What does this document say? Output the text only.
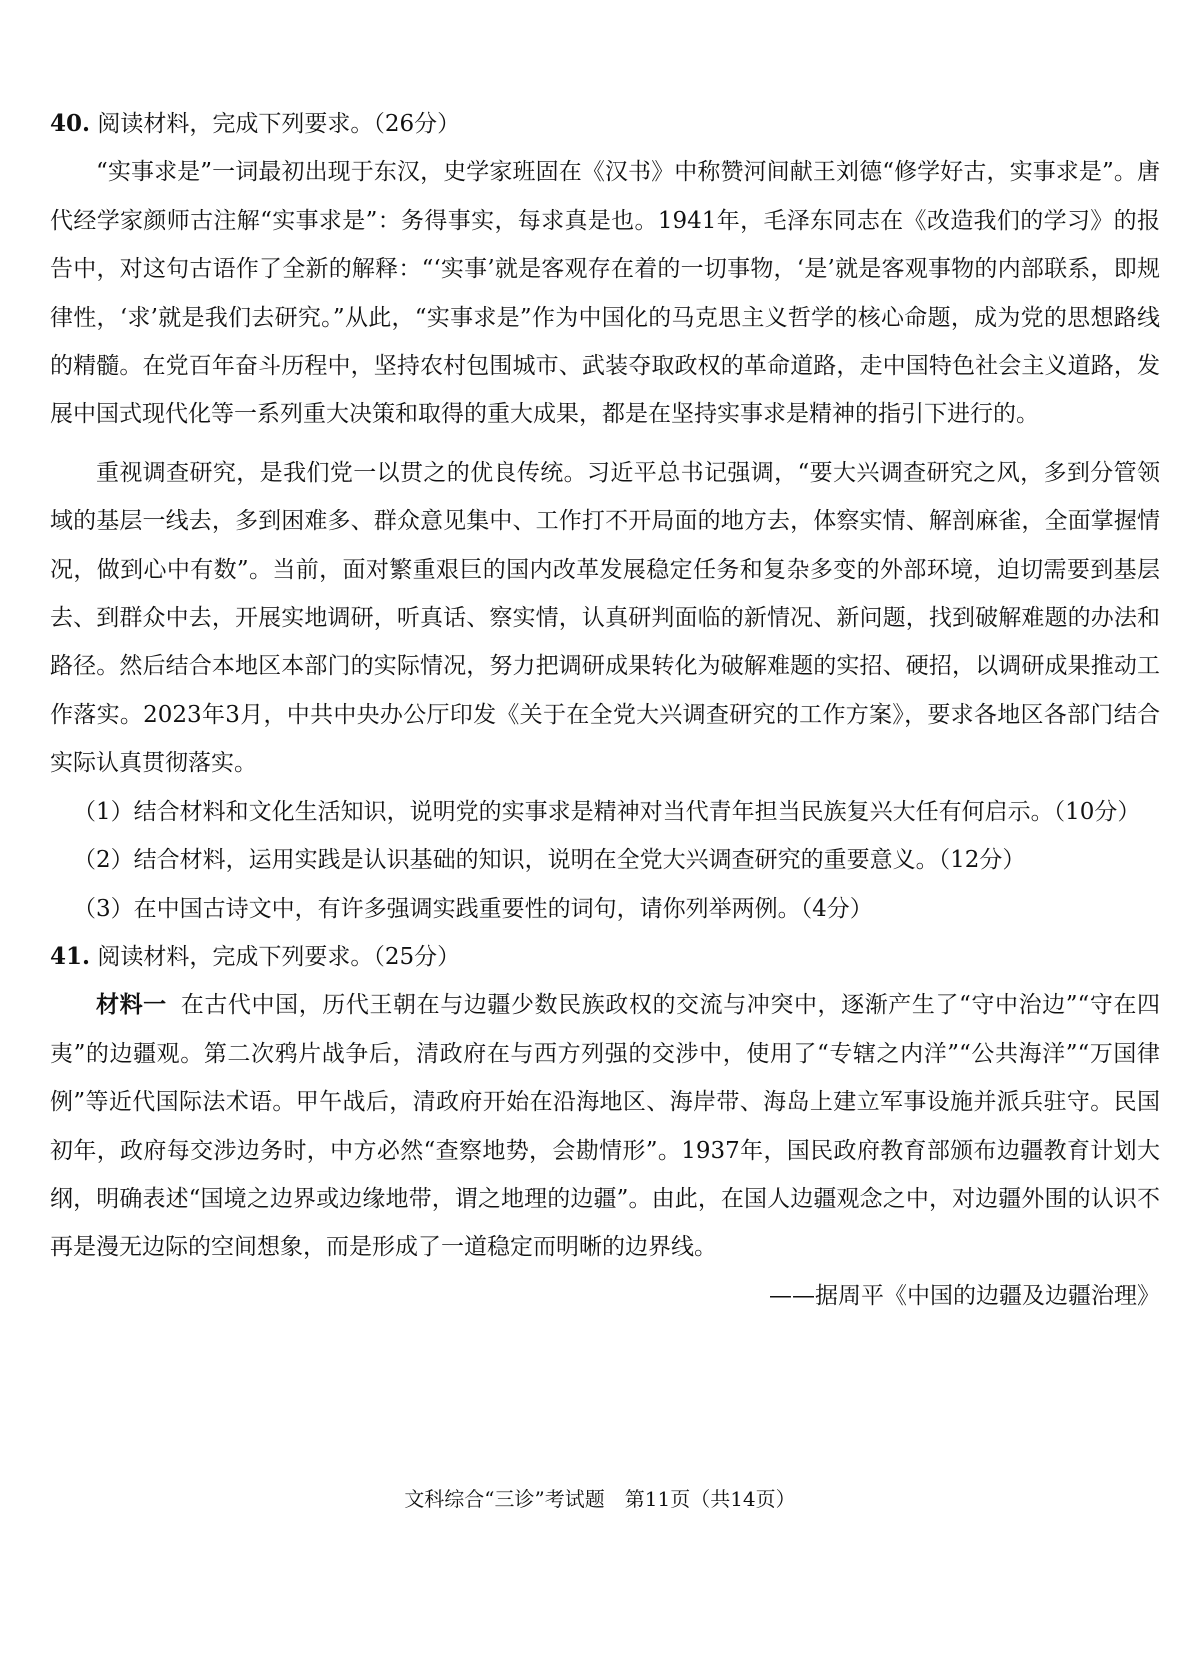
40. 阅读材料，完成下列要求。（26分）

“实事求是”一词最初出现于东汉，史学家班固在《汉书》中称赞河间献王刘德“修学好古，实事求是”。唐代经学家颜师古注解“实事求是”：务得事实，每求真是也。1941年，毛泽东同志在《改造我们的学习》的报告中，对这句古语作了全新的解释：“‘实事’就是客观存在着的一切事物，‘是’就是客观事物的内部联系，即规律性，‘求’就是我们去研究。”从此，“实事求是”作为中国化的马克思主义哲学的核心命题，成为党的思想路线的精髓。在党百年奋斗历程中，坚持农村包围城市、武装夺取政权的革命道路，走中国特色社会主义道路，发展中国式现代化等一系列重大决策和取得的重大成果，都是在坚持实事求是精神的指引下进行的。

重视调查研究，是我们党一以贯之的优良传统。习近平总书记强调，“要大兴调查研究之风，多到分管领域的基层一线去，多到困难多、群众意见集中、工作打不开局面的地方去，体察实情、解剖麻雀，全面掌握情况，做到心中有数”。当前，面对繁重艰巨的国内改革发展稳定任务和复杂多变的外部环境，迫切需要到基层去、到群众中去，开展实地调研，听真话、察实情，认真研判面临的新情况、新问题，找到破解难题的办法和路径。然后结合本地区本部门的实际情况，努力把调研成果转化为破解难题的实招、硬招，以调研成果推动工作落实。2023年3月，中共中央办公厅印发《关于在全党大兴调查研究的工作方案》，要求各地区各部门结合实际认真贯彻落实。

（1）结合材料和文化生活知识，说明党的实事求是精神对当代青年担当民族复兴大任有何启示。（10分）

（2）结合材料，运用实践是认识基础的知识，说明在全党大兴调查研究的重要意义。（12分）

（3）在中国古诗文中，有许多强调实践重要性的词句，请你列举两例。（4分）

41. 阅读材料，完成下列要求。（25分）

材料一 在古代中国，历代王朝在与边疆少数民族政权的交流与冲突中，逐渐产生了“守中治边”“守在四夷”的边疆观。第二次鸦片战争后，清政府在与西方列强的交涉中，使用了“专辖之内洋”“公共海洋”“万国律例”等近代国际法术语。甲午战后，清政府开始在沿海地区、海岸带、海岛上建立军事设施并派兵驻守。民国初年，政府每交涉边务时，中方必然“查察地势，会勘情形”。1937年，国民政府教育部颁布边疆教育计划大纲，明确表述“国境之边界或边缘地带，谓之地理的边疆”。由此，在国人边疆观念之中，对边疆外围的认识不再是漫无边际的空间想象，而是形成了一道稳定而明晰的边界线。

——据周平《中国的边疆及边疆治理》

文科综合“三诊”考试题　第11页（共14页）
